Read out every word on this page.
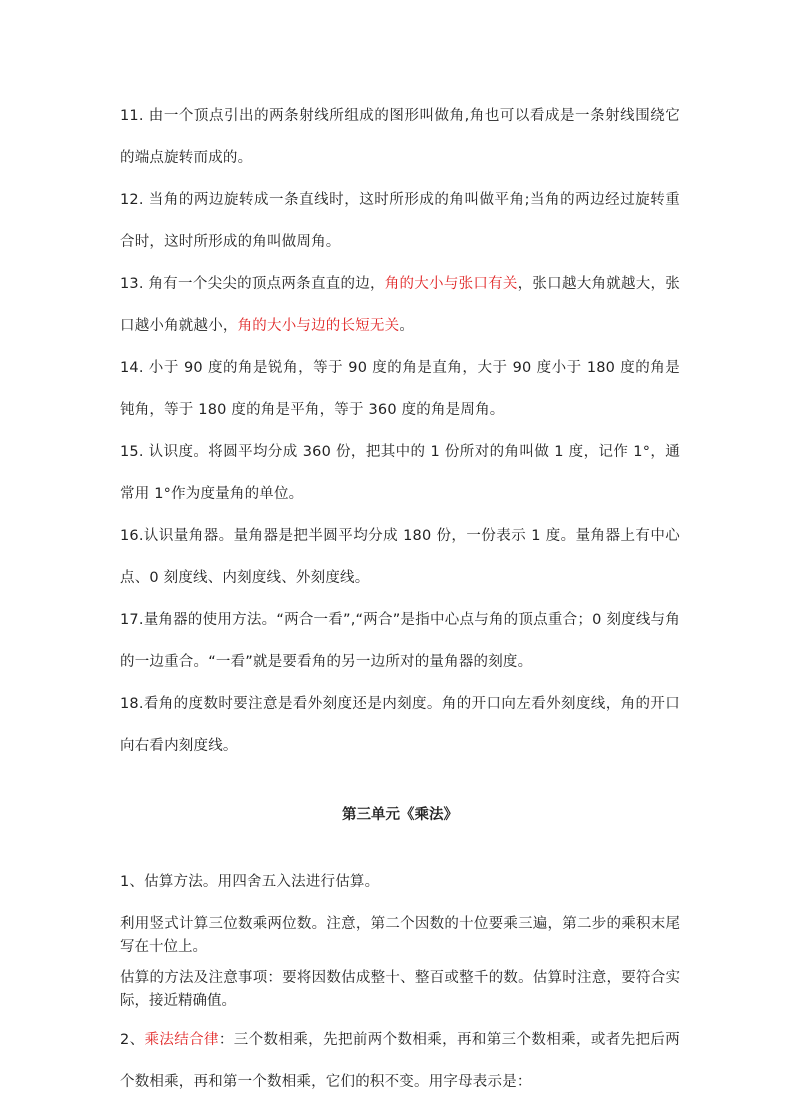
11. 由一个顶点引出的两条射线所组成的图形叫做角,角也可以看成是一条射线围绕它的端点旋转而成的。

12. 当角的两边旋转成一条直线时，这时所形成的角叫做平角;当角的两边经过旋转重合时，这时所形成的角叫做周角。

13. 角有一个尖尖的顶点两条直直的边，角的大小与张口有关，张口越大角就越大，张口越小角就越小，角的大小与边的长短无关。

14. 小于 90 度的角是锐角，等于 90 度的角是直角，大于 90 度小于 180 度的角是钝角，等于 180 度的角是平角，等于 360 度的角是周角。

15. 认识度。将圆平均分成 360 份，把其中的 1 份所对的角叫做 1 度，记作 1°，通常用 1°作为度量角的单位。

16.认识量角器。量角器是把半圆平均分成 180 份，一份表示 1 度。量角器上有中心点、0 刻度线、内刻度线、外刻度线。

17.量角器的使用方法。“两合一看”,“两合”是指中心点与角的顶点重合；0 刻度线与角的一边重合。“一看”就是要看角的另一边所对的量角器的刻度。

18.看角的度数时要注意是看外刻度还是内刻度。角的开口向左看外刻度线，角的开口向右看内刻度线。

第三单元《乘法》

1、估算方法。用四舍五入法进行估算。

利用竖式计算三位数乘两位数。注意，第二个因数的十位要乘三遍，第二步的乘积末尾写在十位上。

估算的方法及注意事项：要将因数估成整十、整百或整千的数。估算时注意，要符合实际，接近精确值。

2、乘法结合律：三个数相乘，先把前两个数相乘，再和第三个数相乘，或者先把后两个数相乘，再和第一个数相乘，它们的积不变。用字母表示是：
